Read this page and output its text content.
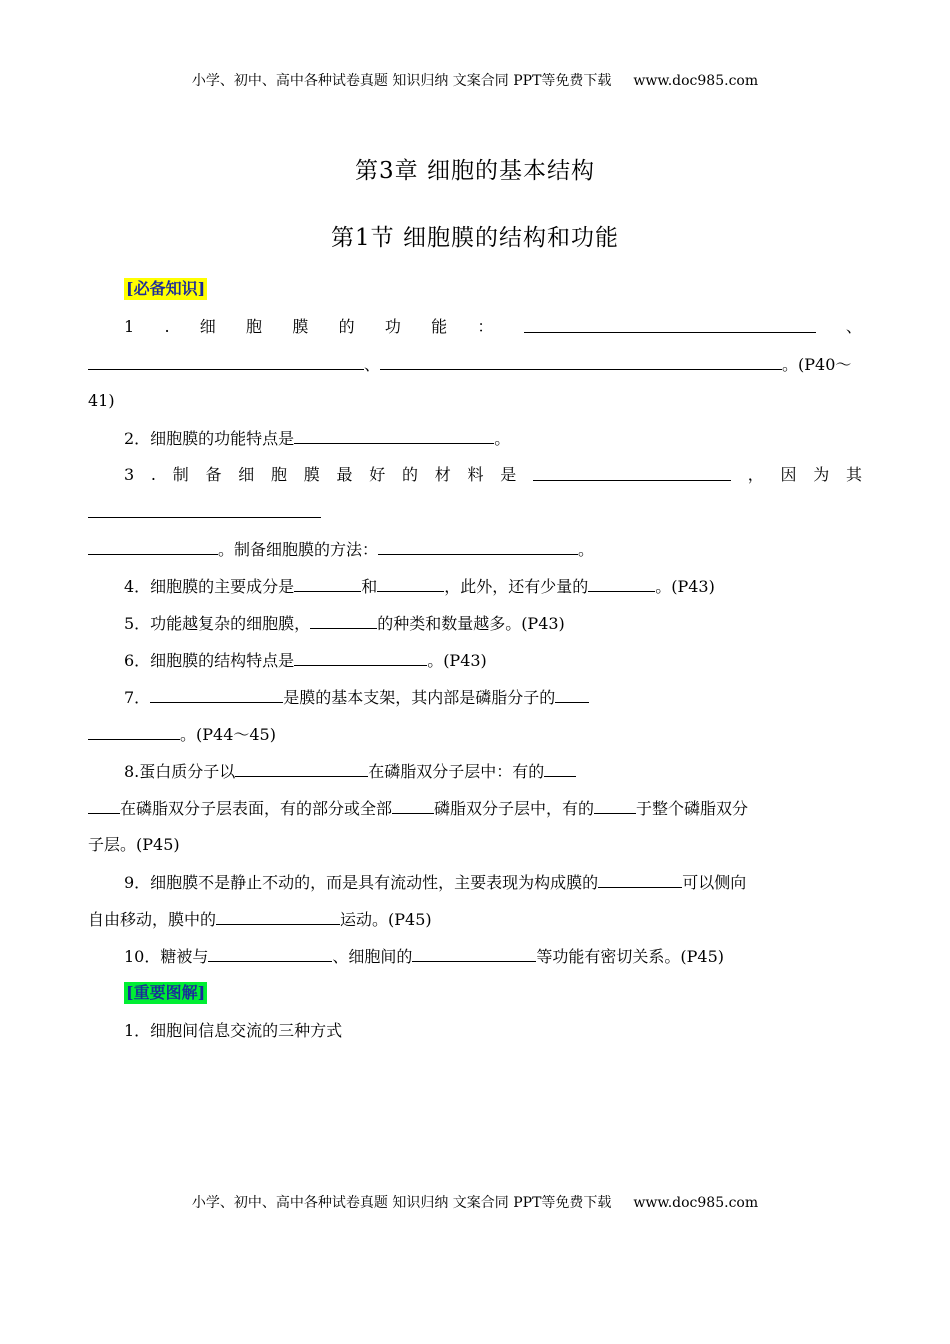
小学、初中、高中各种试卷真题 知识归纳 文案合同 PPT等免费下载 www.doc985.com
第3章 细胞的基本结构
第1节 细胞膜的结构和功能
[必备知识]
1 . 细 胞 膜 的 功 能 ：	、
、	。(P40～
41)
2．细胞膜的功能特点是	。
3 . 制 备 细 胞 膜 最 好 的 材 料 是	， 因 为 其
。制备细胞膜的方法：	。
4．细胞膜的主要成分是	和	，此外，还有少量的	。(P43)
5．功能越复杂的细胞膜，	的种类和数量越多。(P43)
6．细胞膜的结构特点是	。(P43)
7．	是膜的基本支架，其内部是磷脂分子的
。(P44～45)
8.蛋白质分子以	在磷脂双分子层中：有的
在磷脂双分子层表面，有的部分或全部	磷脂双分子层中，有的	于整个磷脂双分
子层。(P45)
9．细胞膜不是静止不动的，而是具有流动性，主要表现为构成膜的	可以侧向
自由移动，膜中的	运动。(P45)
10．糖被与	、细胞间的	等功能有密切关系。(P45)
[重要图解]
1．细胞间信息交流的三种方式
小学、初中、高中各种试卷真题 知识归纳 文案合同 PPT等免费下载 www.doc985.com
